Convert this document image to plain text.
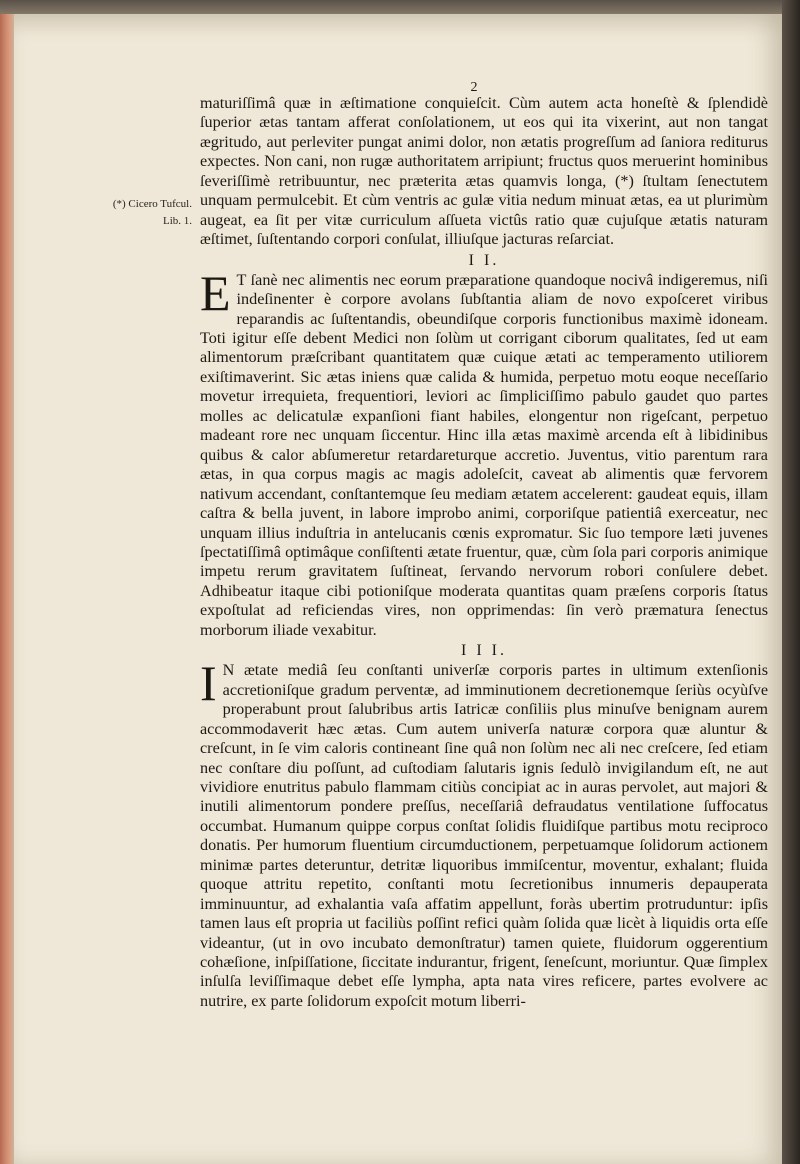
2
(*) Cicero Tufcul. Lib. 1.

maturiſſimâ quæ in æſtimatione conquieſcit. Cùm autem acta honeſtè & ſplendidè ſuperior ætas tantam afferat conſolationem, ut eos qui ita vixerint, aut non tangat ægritudo, aut perleviter pungat animi dolor, non ætatis progreſſum ad ſaniora rediturus expectes. Non cani, non rugæ authoritatem arripiunt; fructus quos meruerint hominibus ſeveriſſimè retribuuntur, nec præterita ætas quamvis longa, (*) ſtultam ſenectutem unquam permulcebit. Et cùm ventris ac gulæ vitia nedum minuat ætas, ea ut plurimùm augeat, ea ſit per vitæ curriculum aſſueta victûs ratio quæ cujuſque ætatis naturam æſtimet, ſuſtentando corpori conſulat, illiuſque jacturas reſarciat.

I I.

E T ſanè nec alimentis nec eorum præparatione quandoque nocivâ indigeremus, niſi indeſinenter è corpore avolans ſubſtantia aliam de novo expoſceret viribus reparandis ac ſuſtentandis, obeundiſque corporis functionibus maximè idoneam. Toti igitur eſſe debent Medici non ſolùm ut corrigant ciborum qualitates, ſed ut eam alimentorum præſcribant quantitatem quæ cuique ætati ac temperamento utiliorem exiſtimaverint. Sic ætas iniens quæ calida & humida, perpetuo motu eoque neceſſario movetur irrequieta, frequentiori, leviori ac ſimpliciſſimo pabulo gaudet quo partes molles ac delicatulæ expanſioni fiant habiles, elongentur non rigeſcant, perpetuo madeant rore nec unquam ſiccentur. Hinc illa ætas maximè arcenda eſt à libidinibus quibus & calor abſumeretur retardareturque accretio. Juventus, vitio parentum rara ætas, in qua corpus magis ac magis adoleſcit, caveat ab alimentis quæ fervorem nativum accendant, conſtantemque ſeu mediam ætatem accelerent: gaudeat equis, illam caſtra & bella juvent, in labore improbo animi, corporiſque patientiâ exerceatur, nec unquam illius induſtria in antelucanis cœnis expromatur. Sic ſuo tempore læti juvenes ſpectatiſſimâ optimâque conſiſtenti ætate fruentur, quæ, cùm ſola pari corporis animique impetu rerum gravitatem ſuſtineat, ſervando nervorum robori conſulere debet. Adhibeatur itaque cibi potioniſque moderata quantitas quam præſens corporis ſtatus expoſtulat ad reficiendas vires, non opprimendas: ſin verò præmatura ſenectus morborum iliade vexabitur.

I I I.

I N ætate mediâ ſeu conſtanti univerſæ corporis partes in ultimum extenſionis accretioniſque gradum perventæ, ad imminutionem decretionemque ſeriùs ocyùſve properabunt prout ſalubribus artis Iatricæ conſiliis plus minuſve benignam aurem accommodaverit hæc ætas. Cum autem univerſa naturæ corpora quæ aluntur & creſcunt, in ſe vim caloris contineant ſine quâ non ſolùm nec ali nec creſcere, ſed etiam nec conſtare diu poſſunt, ad cuſtodiam ſalutaris ignis ſedulò invigilandum eſt, ne aut vividiore enutritus pabulo flammam citiùs concipiat ac in auras pervolet, aut majori & inutili alimentorum pondere preſſus, neceſſariâ defraudatus ventilatione ſuffocatus occumbat. Humanum quippe corpus conſtat ſolidis fluidiſque partibus motu reciproco donatis. Per humorum fluentium circumductionem, perpetuamque ſolidorum actionem minimæ partes deteruntur, detritæ liquoribus immiſcentur, moventur, exhalant; fluida quoque attritu repetito, conſtanti motu ſecretionibus innumeris depauperata imminuuntur, ad exhalantia vaſa affatim appellunt, foràs ubertim protruduntur: ipſis tamen laus eſt propria ut faciliùs poſſint refici quàm ſolida quæ licèt à liquidis orta eſſe videantur, (ut in ovo incubato demonſtratur) tamen quiete, fluidorum oggerentium cohæſione, inſpiſſatione, ſiccitate indurantur, frigent, ſeneſcunt, moriuntur. Quæ ſimplex inſulſa leviſſimaque debet eſſe lympha, apta nata vires reficere, partes evolvere ac nutrire, ex parte ſolidorum expoſcit motum liberri-
